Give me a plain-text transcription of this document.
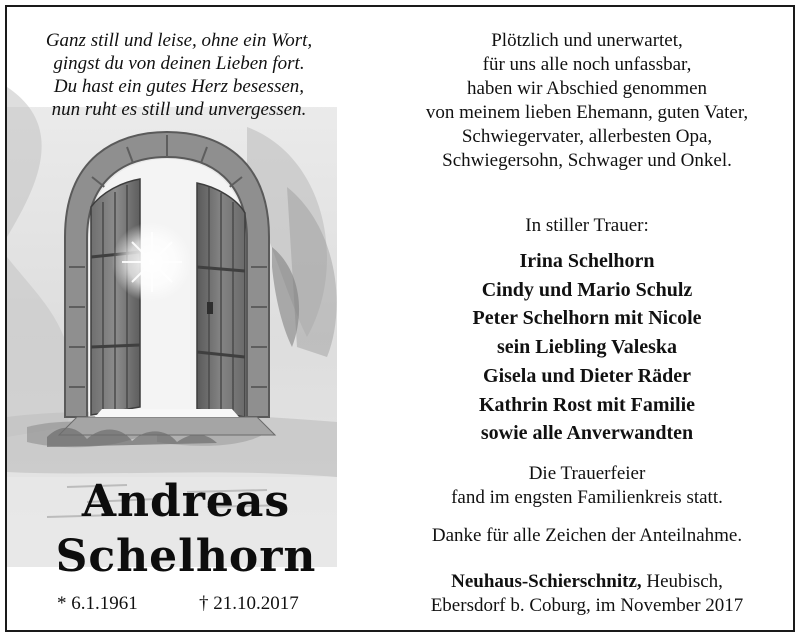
Ganz still und leise, ohne ein Wort,
gingst du von deinen Lieben fort.
Du hast ein gutes Herz besessen,
nun ruht es still und unvergessen.
Andreas
Schelhorn
* 6.1.1961	† 21.10.2017
Plötzlich und unerwartet,
für uns alle noch unfassbar,
haben wir Abschied genommen
von meinem lieben Ehemann, guten Vater,
Schwiegervater, allerbesten Opa,
Schwiegersohn, Schwager und Onkel.
In stiller Trauer:
Irina Schelhorn
Cindy und Mario Schulz
Peter Schelhorn mit Nicole
sein Liebling Valeska
Gisela und Dieter Räder
Kathrin Rost mit Familie
sowie alle Anverwandten
Die Trauerfeier
fand im engsten Familienkreis statt.
Danke für alle Zeichen der Anteilnahme.
Neuhaus-Schierschnitz, Heubisch,
Ebersdorf b. Coburg, im November 2017
